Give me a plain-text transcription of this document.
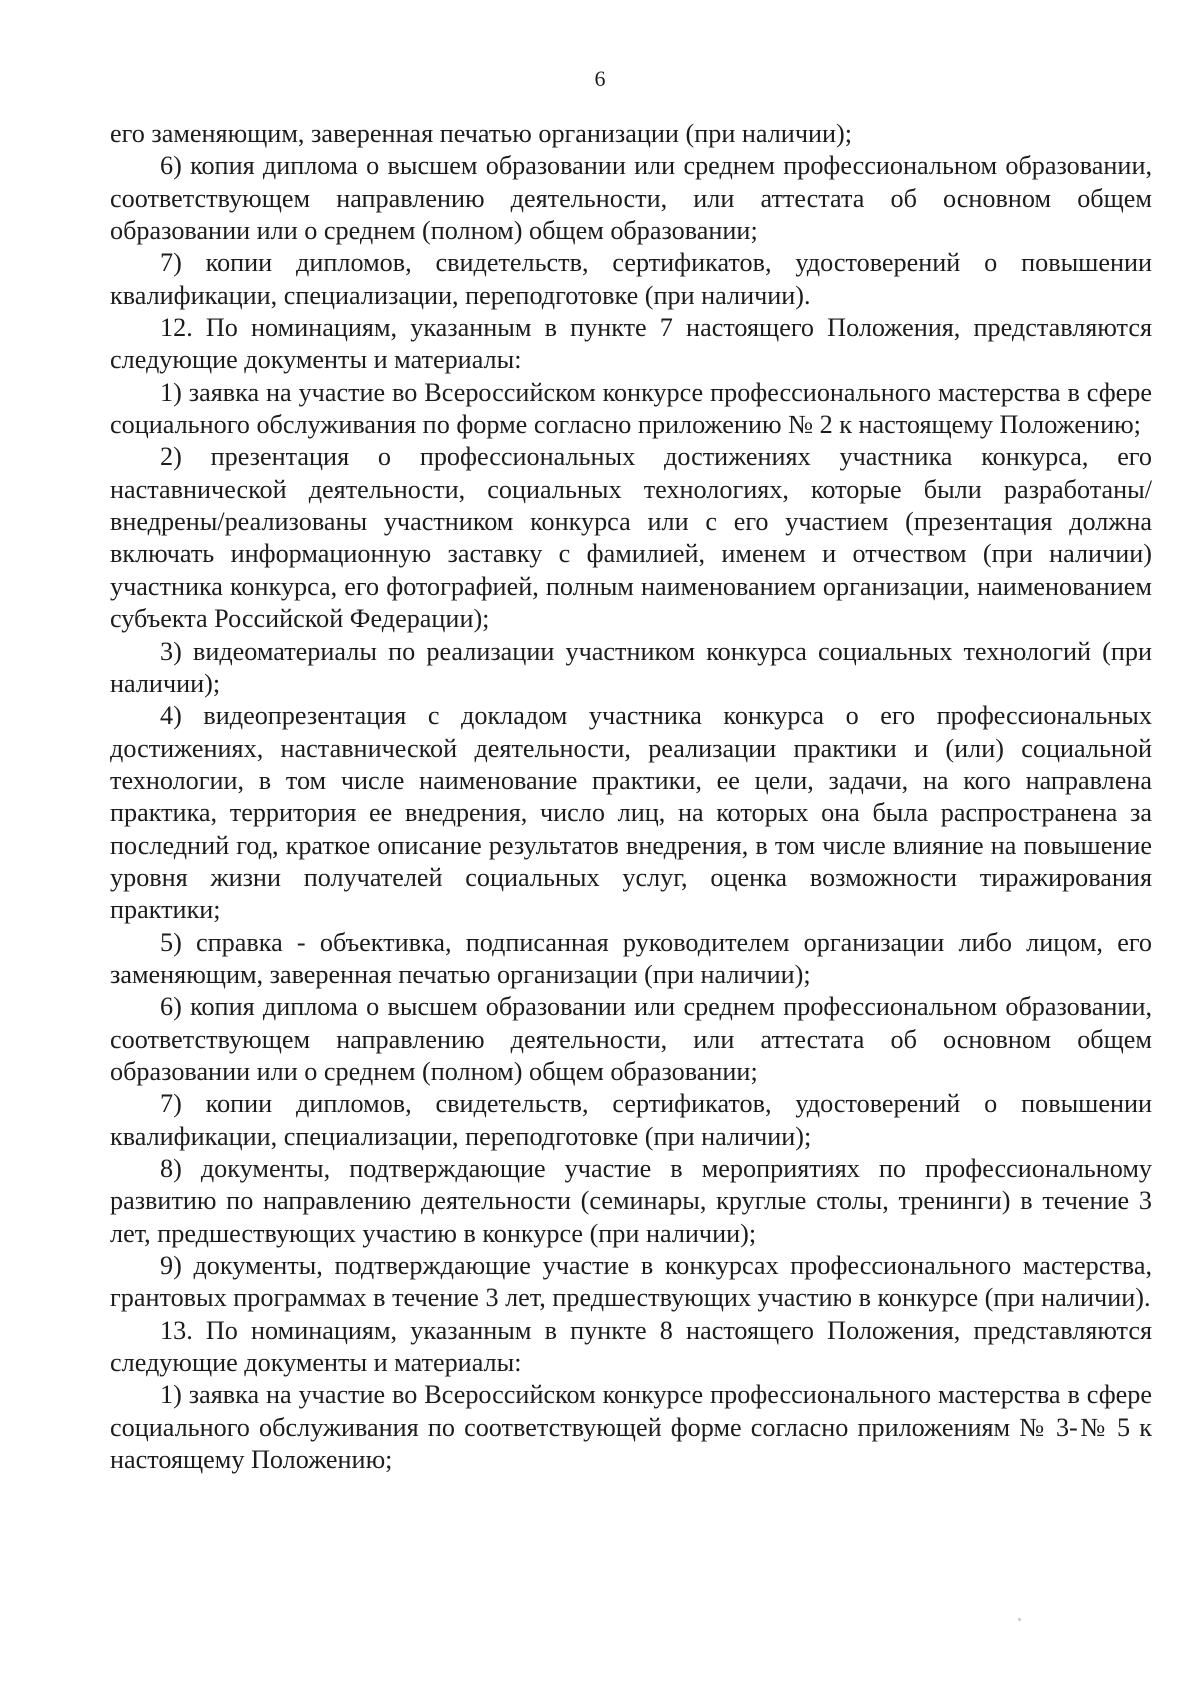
6

его заменяющим, заверенная печатью организации (при наличии);

6) копия диплома о высшем образовании или среднем профессиональном образовании, соответствующем направлению деятельности, или аттестата об основном общем образовании или о среднем (полном) общем образовании;

7) копии дипломов, свидетельств, сертификатов, удостоверений о повышении квалификации, специализации, переподготовке (при наличии).

12. По номинациям, указанным в пункте 7 настоящего Положения, представляются следующие документы и материалы:

1) заявка на участие во Всероссийском конкурсе профессионального мастерства в сфере социального обслуживания по форме согласно приложению № 2 к настоящему Положению;

2) презентация о профессиональных достижениях участника конкурса, его наставнической деятельности, социальных технологиях, которые были разработаны/внедрены/реализованы участником конкурса или с его участием (презентация должна включать информационную заставку с фамилией, именем и отчеством (при наличии) участника конкурса, его фотографией, полным наименованием организации, наименованием субъекта Российской Федерации);

3) видеоматериалы по реализации участником конкурса социальных технологий (при наличии);

4) видеопрезентация с докладом участника конкурса о его профессиональных достижениях, наставнической деятельности, реализации практики и (или) социальной технологии, в том числе наименование практики, ее цели, задачи, на кого направлена практика, территория ее внедрения, число лиц, на которых она была распространена за последний год, краткое описание результатов внедрения, в том числе влияние на повышение уровня жизни получателей социальных услуг, оценка возможности тиражирования практики;

5) справка - объективка, подписанная руководителем организации либо лицом, его заменяющим, заверенная печатью организации (при наличии);

6) копия диплома о высшем образовании или среднем профессиональном образовании, соответствующем направлению деятельности, или аттестата об основном общем образовании или о среднем (полном) общем образовании;

7) копии дипломов, свидетельств, сертификатов, удостоверений о повышении квалификации, специализации, переподготовке (при наличии);

8) документы, подтверждающие участие в мероприятиях по профессиональному развитию по направлению деятельности (семинары, круглые столы, тренинги) в течение 3 лет, предшествующих участию в конкурсе (при наличии);

9) документы, подтверждающие участие в конкурсах профессионального мастерства, грантовых программах в течение 3 лет, предшествующих участию в конкурсе (при наличии).

13. По номинациям, указанным в пункте 8 настоящего Положения, представляются следующие документы и материалы:

1) заявка на участие во Всероссийском конкурсе профессионального мастерства в сфере социального обслуживания по соответствующей форме согласно приложениям № 3-№ 5 к настоящему Положению;
